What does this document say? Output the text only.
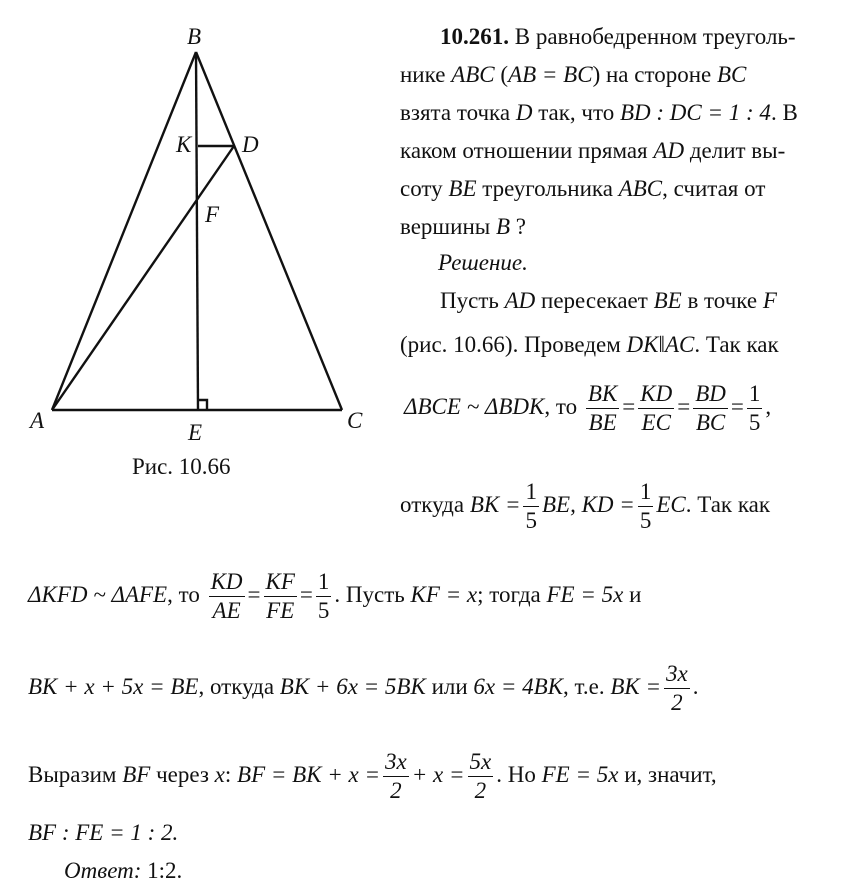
B
K D
F
A	E	C
Рис. 10.66
10.261. В равнобедренном треуголь-
нике ABC (AB = BC) на стороне BC
взята точка D так, что BD : DC = 1 : 4. В
каком отношении прямая AD делит вы-
соту BE треугольника ABC, считая от
вершины B ?
Решение.
Пусть AD пересекает BE в точке F
(рис. 10.66). Проведем DK‖AC. Так как
ΔBCE ~ ΔBDK, то $\frac{BK}{BE} = \frac{KD}{EC} = \frac{BD}{BC} = \frac{1}{5}$ ,
откуда BK = $\frac{1}{5}$ BE, KD = $\frac{1}{5}$ EC. Так как
ΔKFD ~ ΔAFE, то $\frac{KD}{AE} = \frac{KF}{FE} = \frac{1}{5}$ . Пусть KF = x; тогда FE = 5x и
BK + x + 5x = BE, откуда BK + 6x = 5BK или 6x = 4BK, т.е. BK = $\frac{3x}{2}$ .
Выразим BF через x: BF = BK + $x = \frac{3x}{2} + x = \frac{5x}{2}$ . Но FE = 5x и, значит,
BF : FE = 1 : 2.
Ответ: 1:2.
